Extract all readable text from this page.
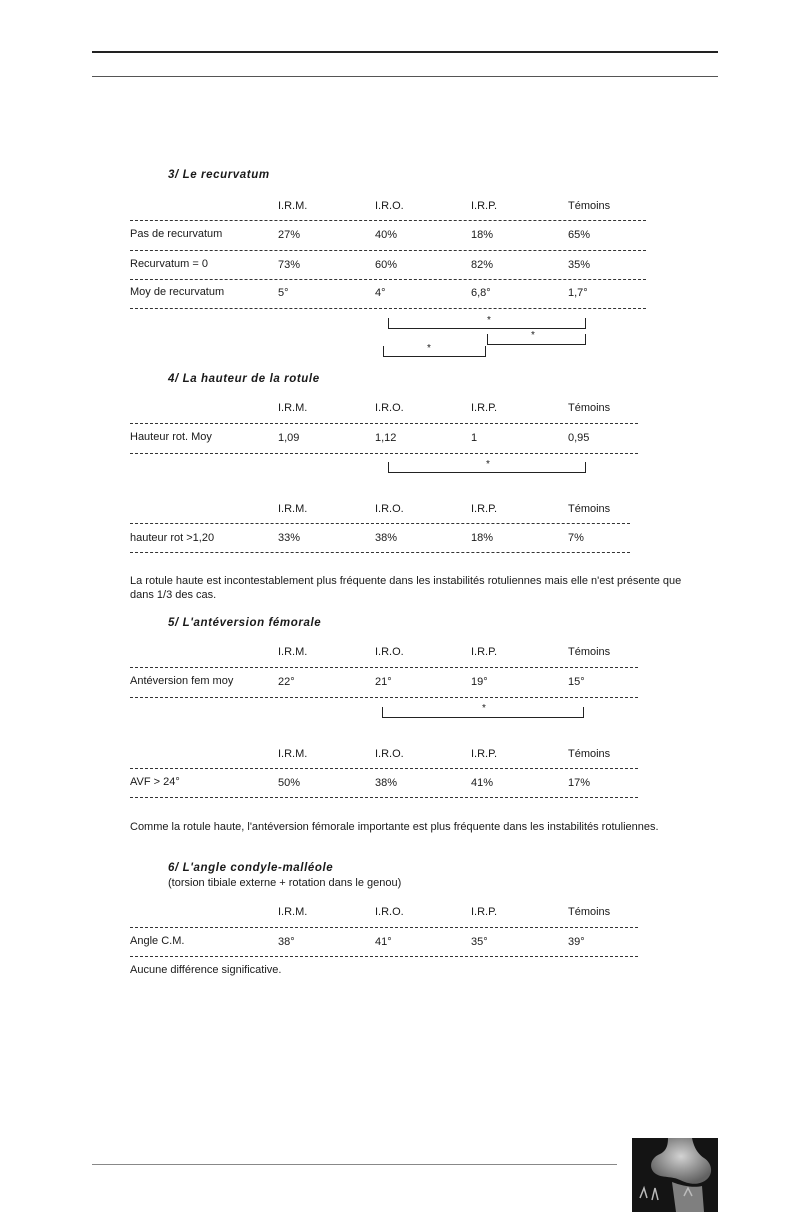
3/ Le recurvatum
I.R.M.	I.R.O.	I.R.P.	Témoins
Pas de recurvatum	27%	40%	18%	65%
Recurvatum = 0	73%	60%	82%	35%
Moy de recurvatum	5°	4°	6,8°	1,7°
*
*
*
4/ La hauteur de la rotule
I.R.M.	I.R.O.	I.R.P.	Témoins
Hauteur rot. Moy	1,09	1,12	1	0,95
*
I.R.M.	I.R.O.	I.R.P.	Témoins
hauteur rot >1,20	33%	38%	18%	7%
La rotule haute est incontestablement plus fréquente dans les instabilités rotuliennes mais elle n'est présente que dans 1/3 des cas.
5/ L'antéversion fémorale
I.R.M.	I.R.O.	I.R.P.	Témoins
Antéversion fem moy	22°	21°	19°	15°
*
I.R.M.	I.R.O.	I.R.P.	Témoins
AVF > 24°	50%	38%	41%	17%
Comme la rotule haute, l'antéversion fémorale importante est plus fréquente dans les instabilités rotuliennes.
6/ L'angle condyle-malléole
(torsion tibiale externe + rotation dans le genou)
I.R.M.	I.R.O.	I.R.P.	Témoins
Angle C.M.	38°	41°	35°	39°
Aucune différence significative.
